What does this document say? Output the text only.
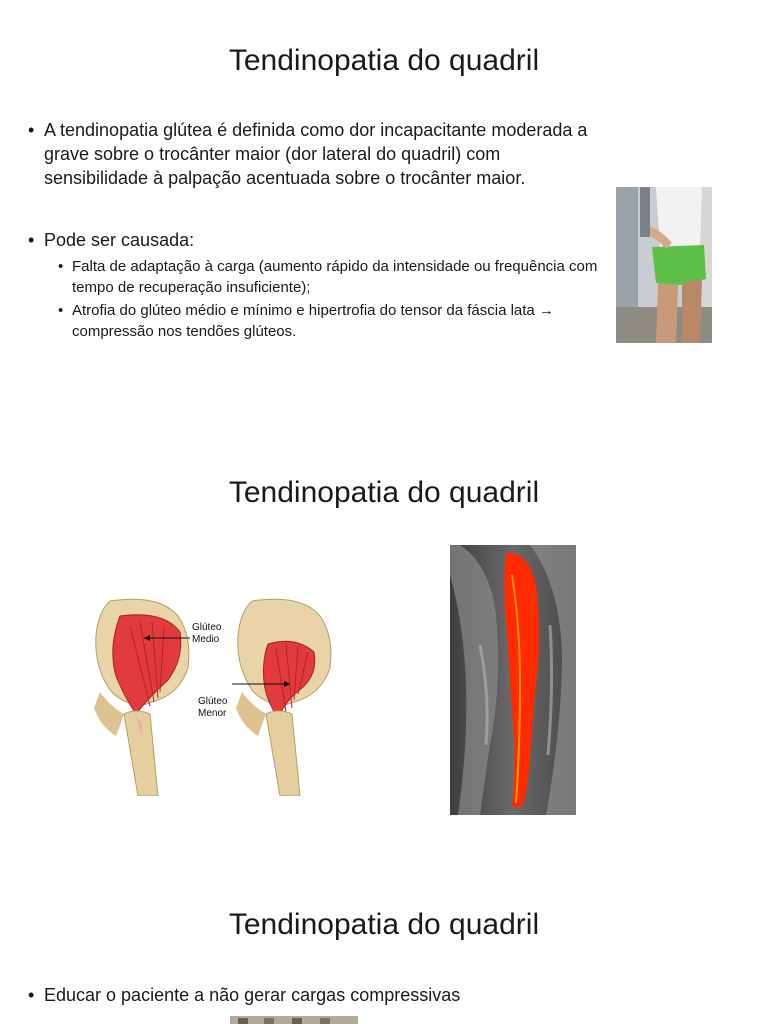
Tendinopatia do quadril
• A tendinopatia glútea é definida como dor incapacitante moderada a grave sobre o trocânter maior (dor lateral do quadril) com sensibilidade à palpação acentuada sobre o trocânter maior.
• Pode ser causada:
• Falta de adaptação à carga (aumento rápido da intensidade ou frequência com tempo de recuperação insuficiente);
• Atrofia do glúteo médio e mínimo e hipertrofia do tensor da fáscia lata → compressão nos tendões glúteos.
Tendinopatia do quadril
Glúteo
Medio
Glúteo
Menor
Tendinopatia do quadril
• Educar o paciente a não gerar cargas compressivas
